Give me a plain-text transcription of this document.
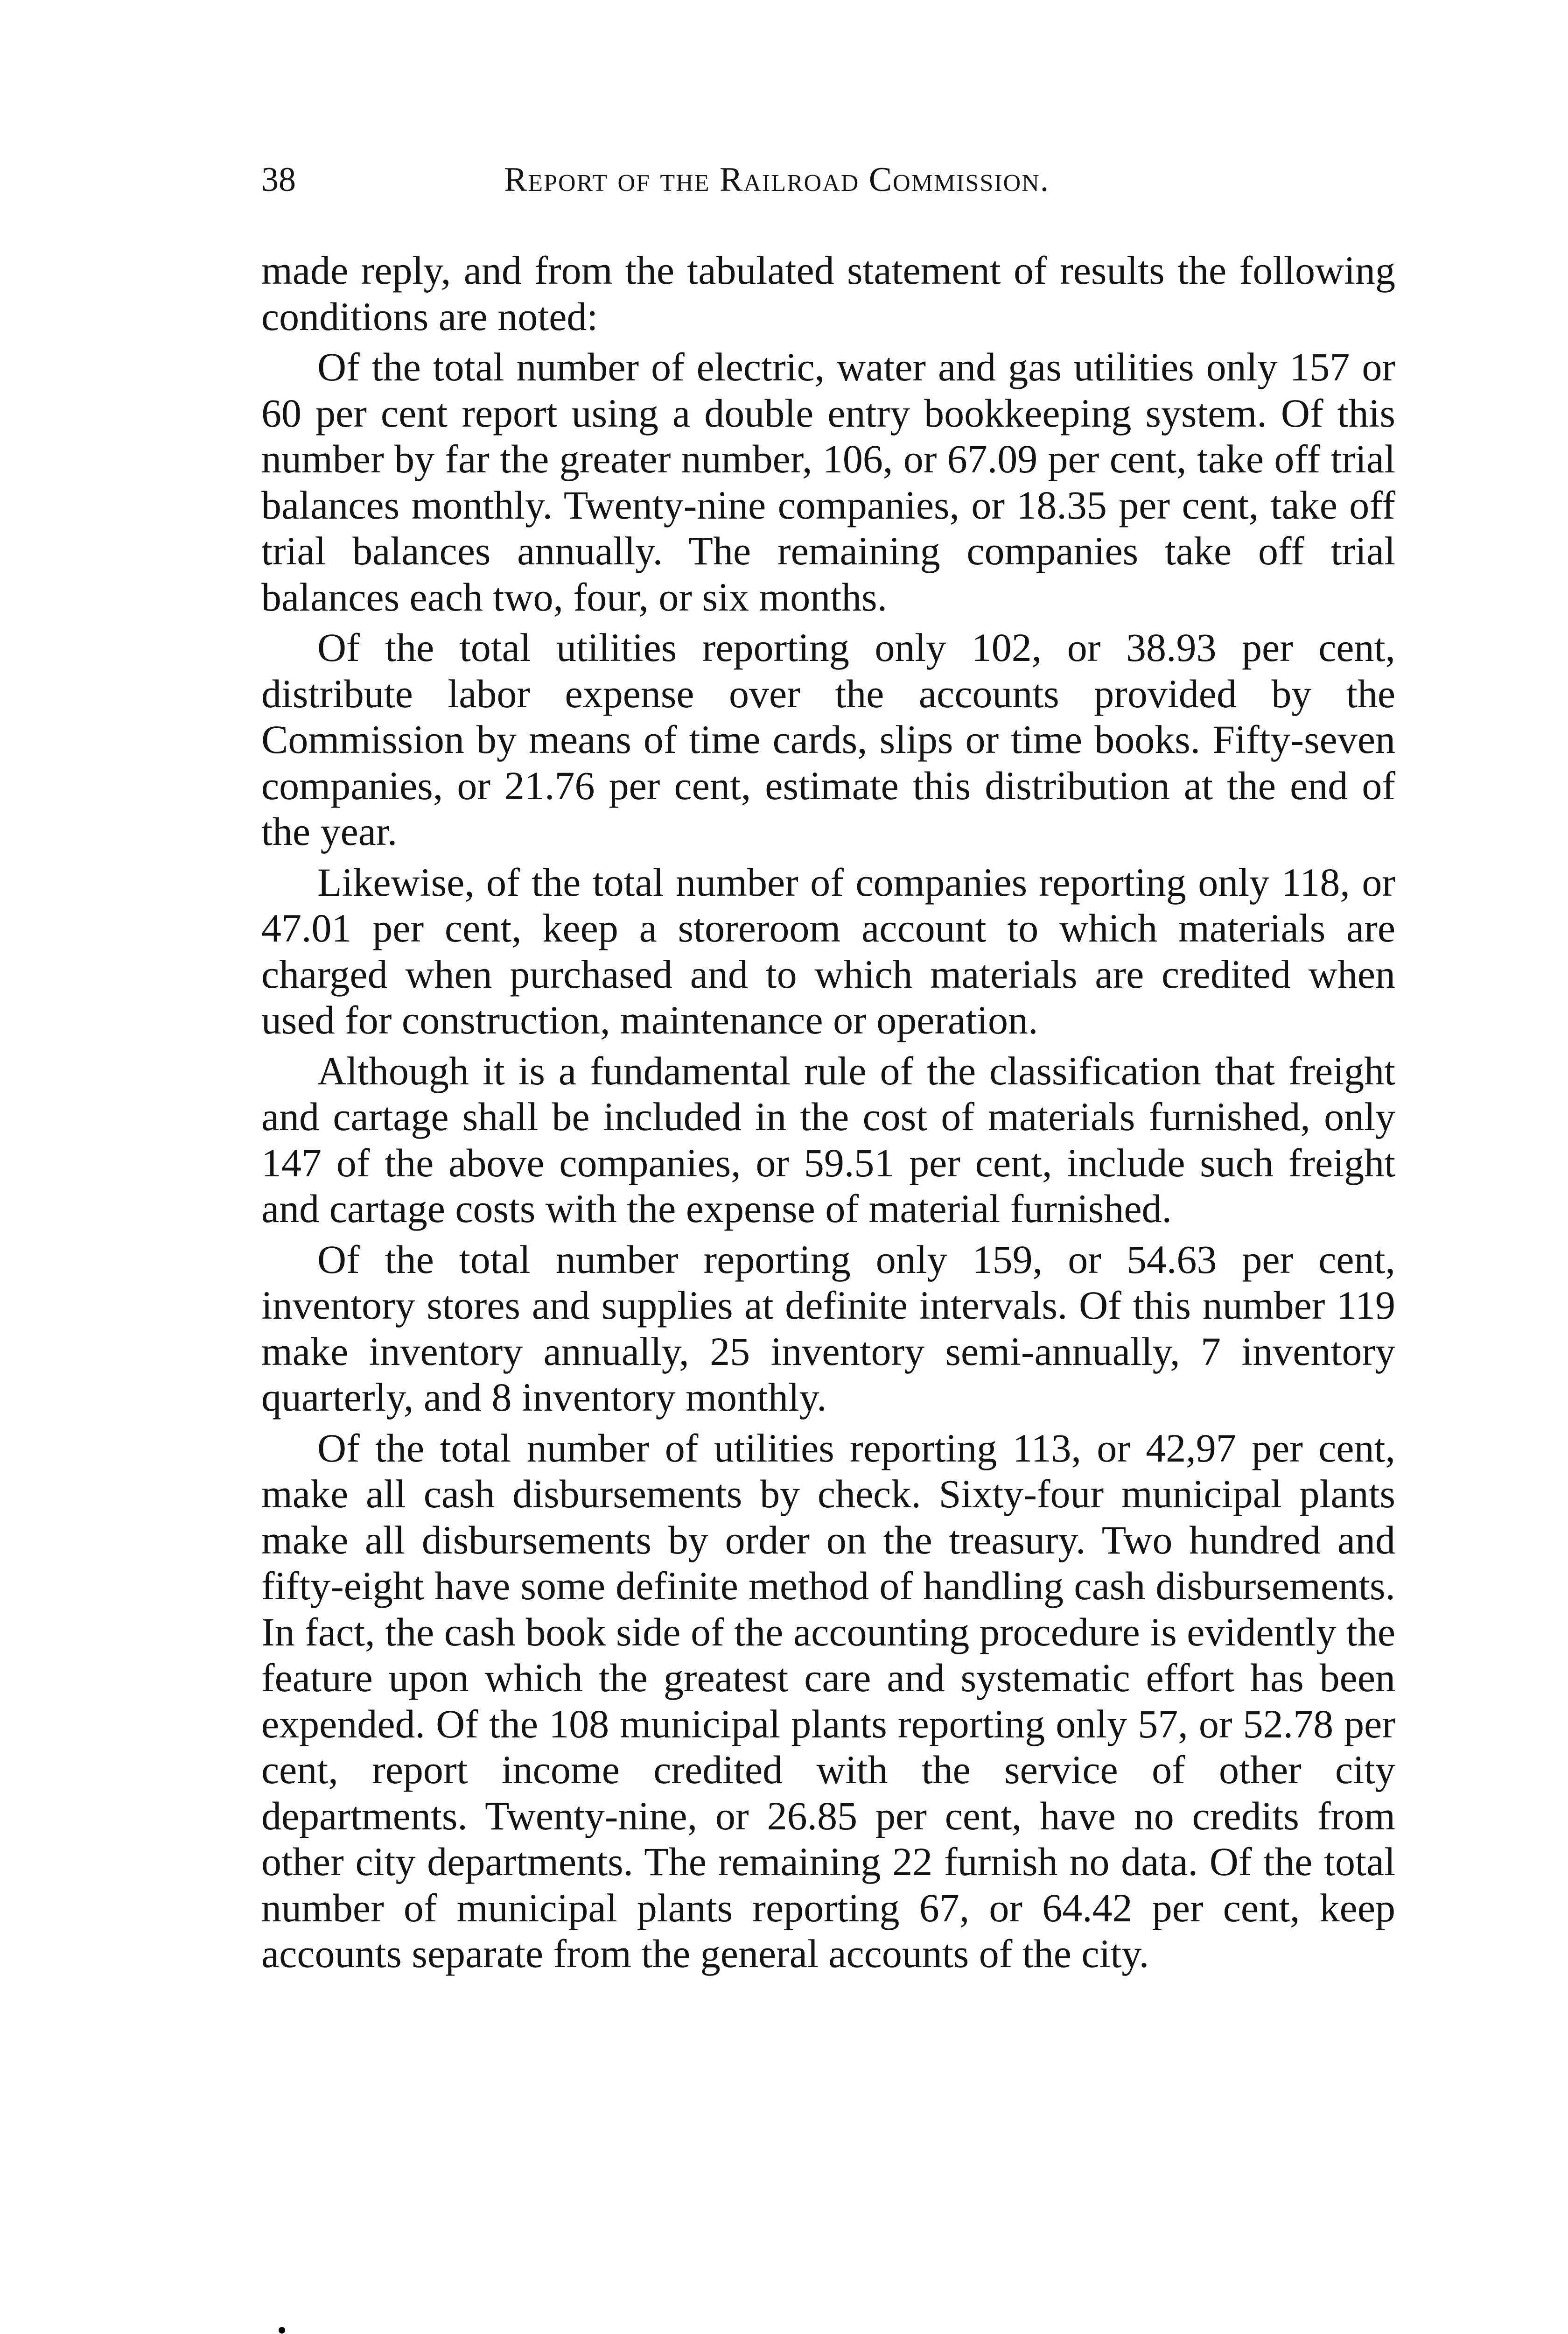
38	Report of the Railroad Commission.

made reply, and from the tabulated statement of results the following conditions are noted:

Of the total number of electric, water and gas utilities only 157 or 60 per cent report using a double entry bookkeeping system. Of this number by far the greater number, 106, or 67.09 per cent, take off trial balances monthly. Twenty-nine companies, or 18.35 per cent, take off trial balances annually. The remaining companies take off trial balances each two, four, or six months.

Of the total utilities reporting only 102, or 38.93 per cent, distribute labor expense over the accounts provided by the Commission by means of time cards, slips or time books. Fifty-seven companies, or 21.76 per cent, estimate this distribution at the end of the year.

Likewise, of the total number of companies reporting only 118, or 47.01 per cent, keep a storeroom account to which materials are charged when purchased and to which materials are credited when used for construction, maintenance or operation.

Although it is a fundamental rule of the classification that freight and cartage shall be included in the cost of materials furnished, only 147 of the above companies, or 59.51 per cent, include such freight and cartage costs with the expense of material furnished.

Of the total number reporting only 159, or 54.63 per cent, inventory stores and supplies at definite intervals. Of this number 119 make inventory annually, 25 inventory semi-annually, 7 inventory quarterly, and 8 inventory monthly.

Of the total number of utilities reporting 113, or 42,97 per cent, make all cash disbursements by check. Sixty-four municipal plants make all disbursements by order on the treasury. Two hundred and fifty-eight have some definite method of handling cash disbursements. In fact, the cash book side of the accounting procedure is evidently the feature upon which the greatest care and systematic effort has been expended. Of the 108 municipal plants reporting only 57, or 52.78 per cent, report income credited with the service of other city departments. Twenty-nine, or 26.85 per cent, have no credits from other city departments. The remaining 22 furnish no data. Of the total number of municipal plants reporting 67, or 64.42 per cent, keep accounts separate from the general accounts of the city.
